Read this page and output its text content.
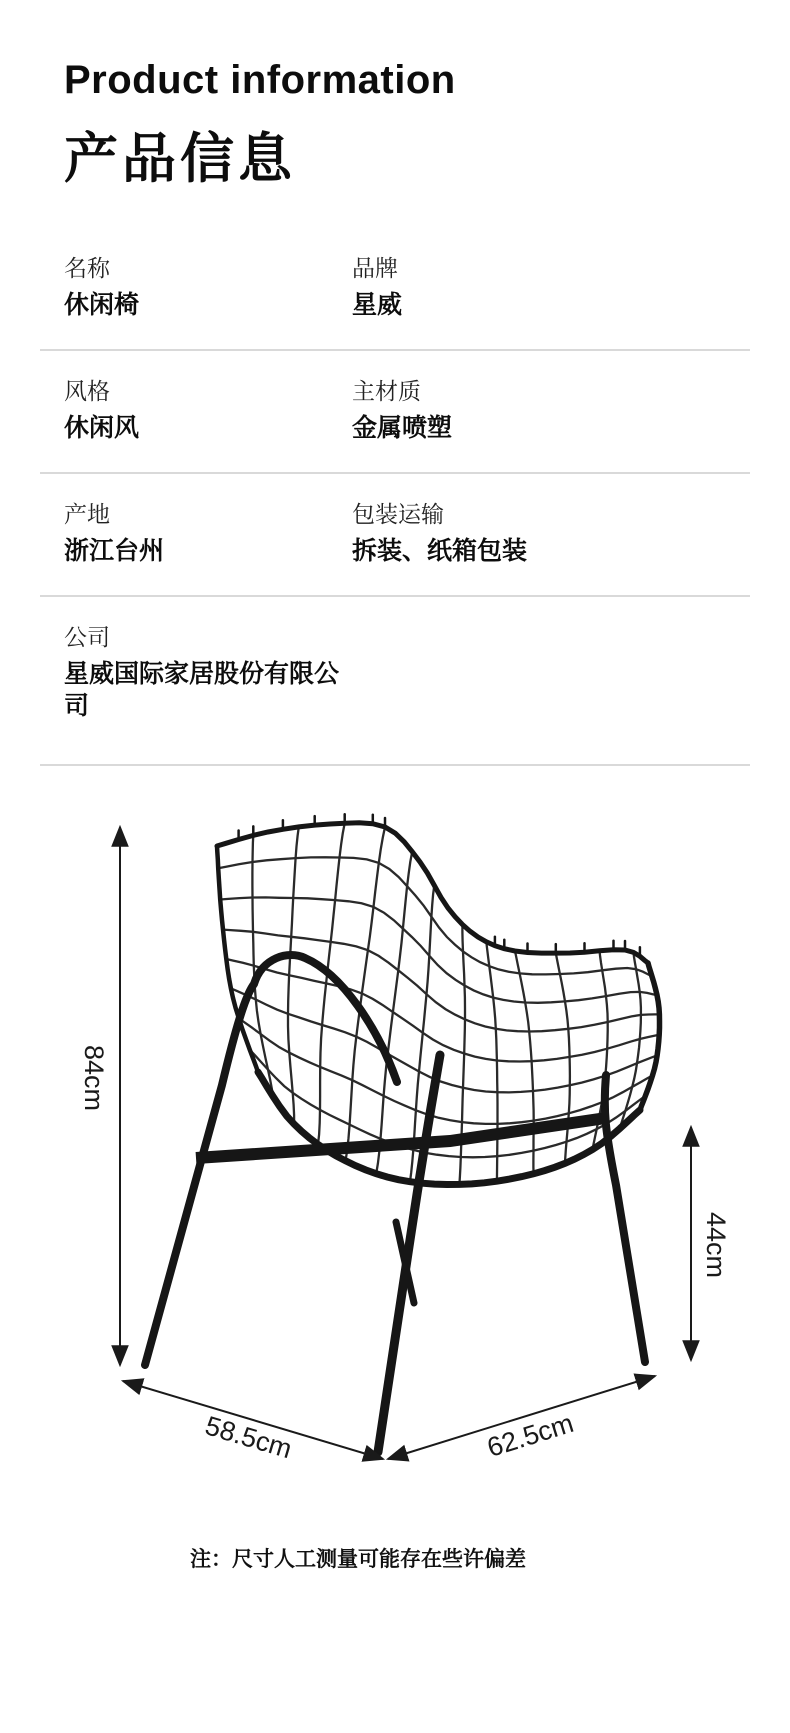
Product information
产品信息
名称
休闲椅
品牌
星威
风格
休闲风
主材质
金属喷塑
产地
浙江台州
包装运输
拆装、纸箱包装
公司
星威国际家居股份有限公司
84cm
44cm
58.5cm	62.5cm

注：尺寸人工测量可能存在些许偏差
